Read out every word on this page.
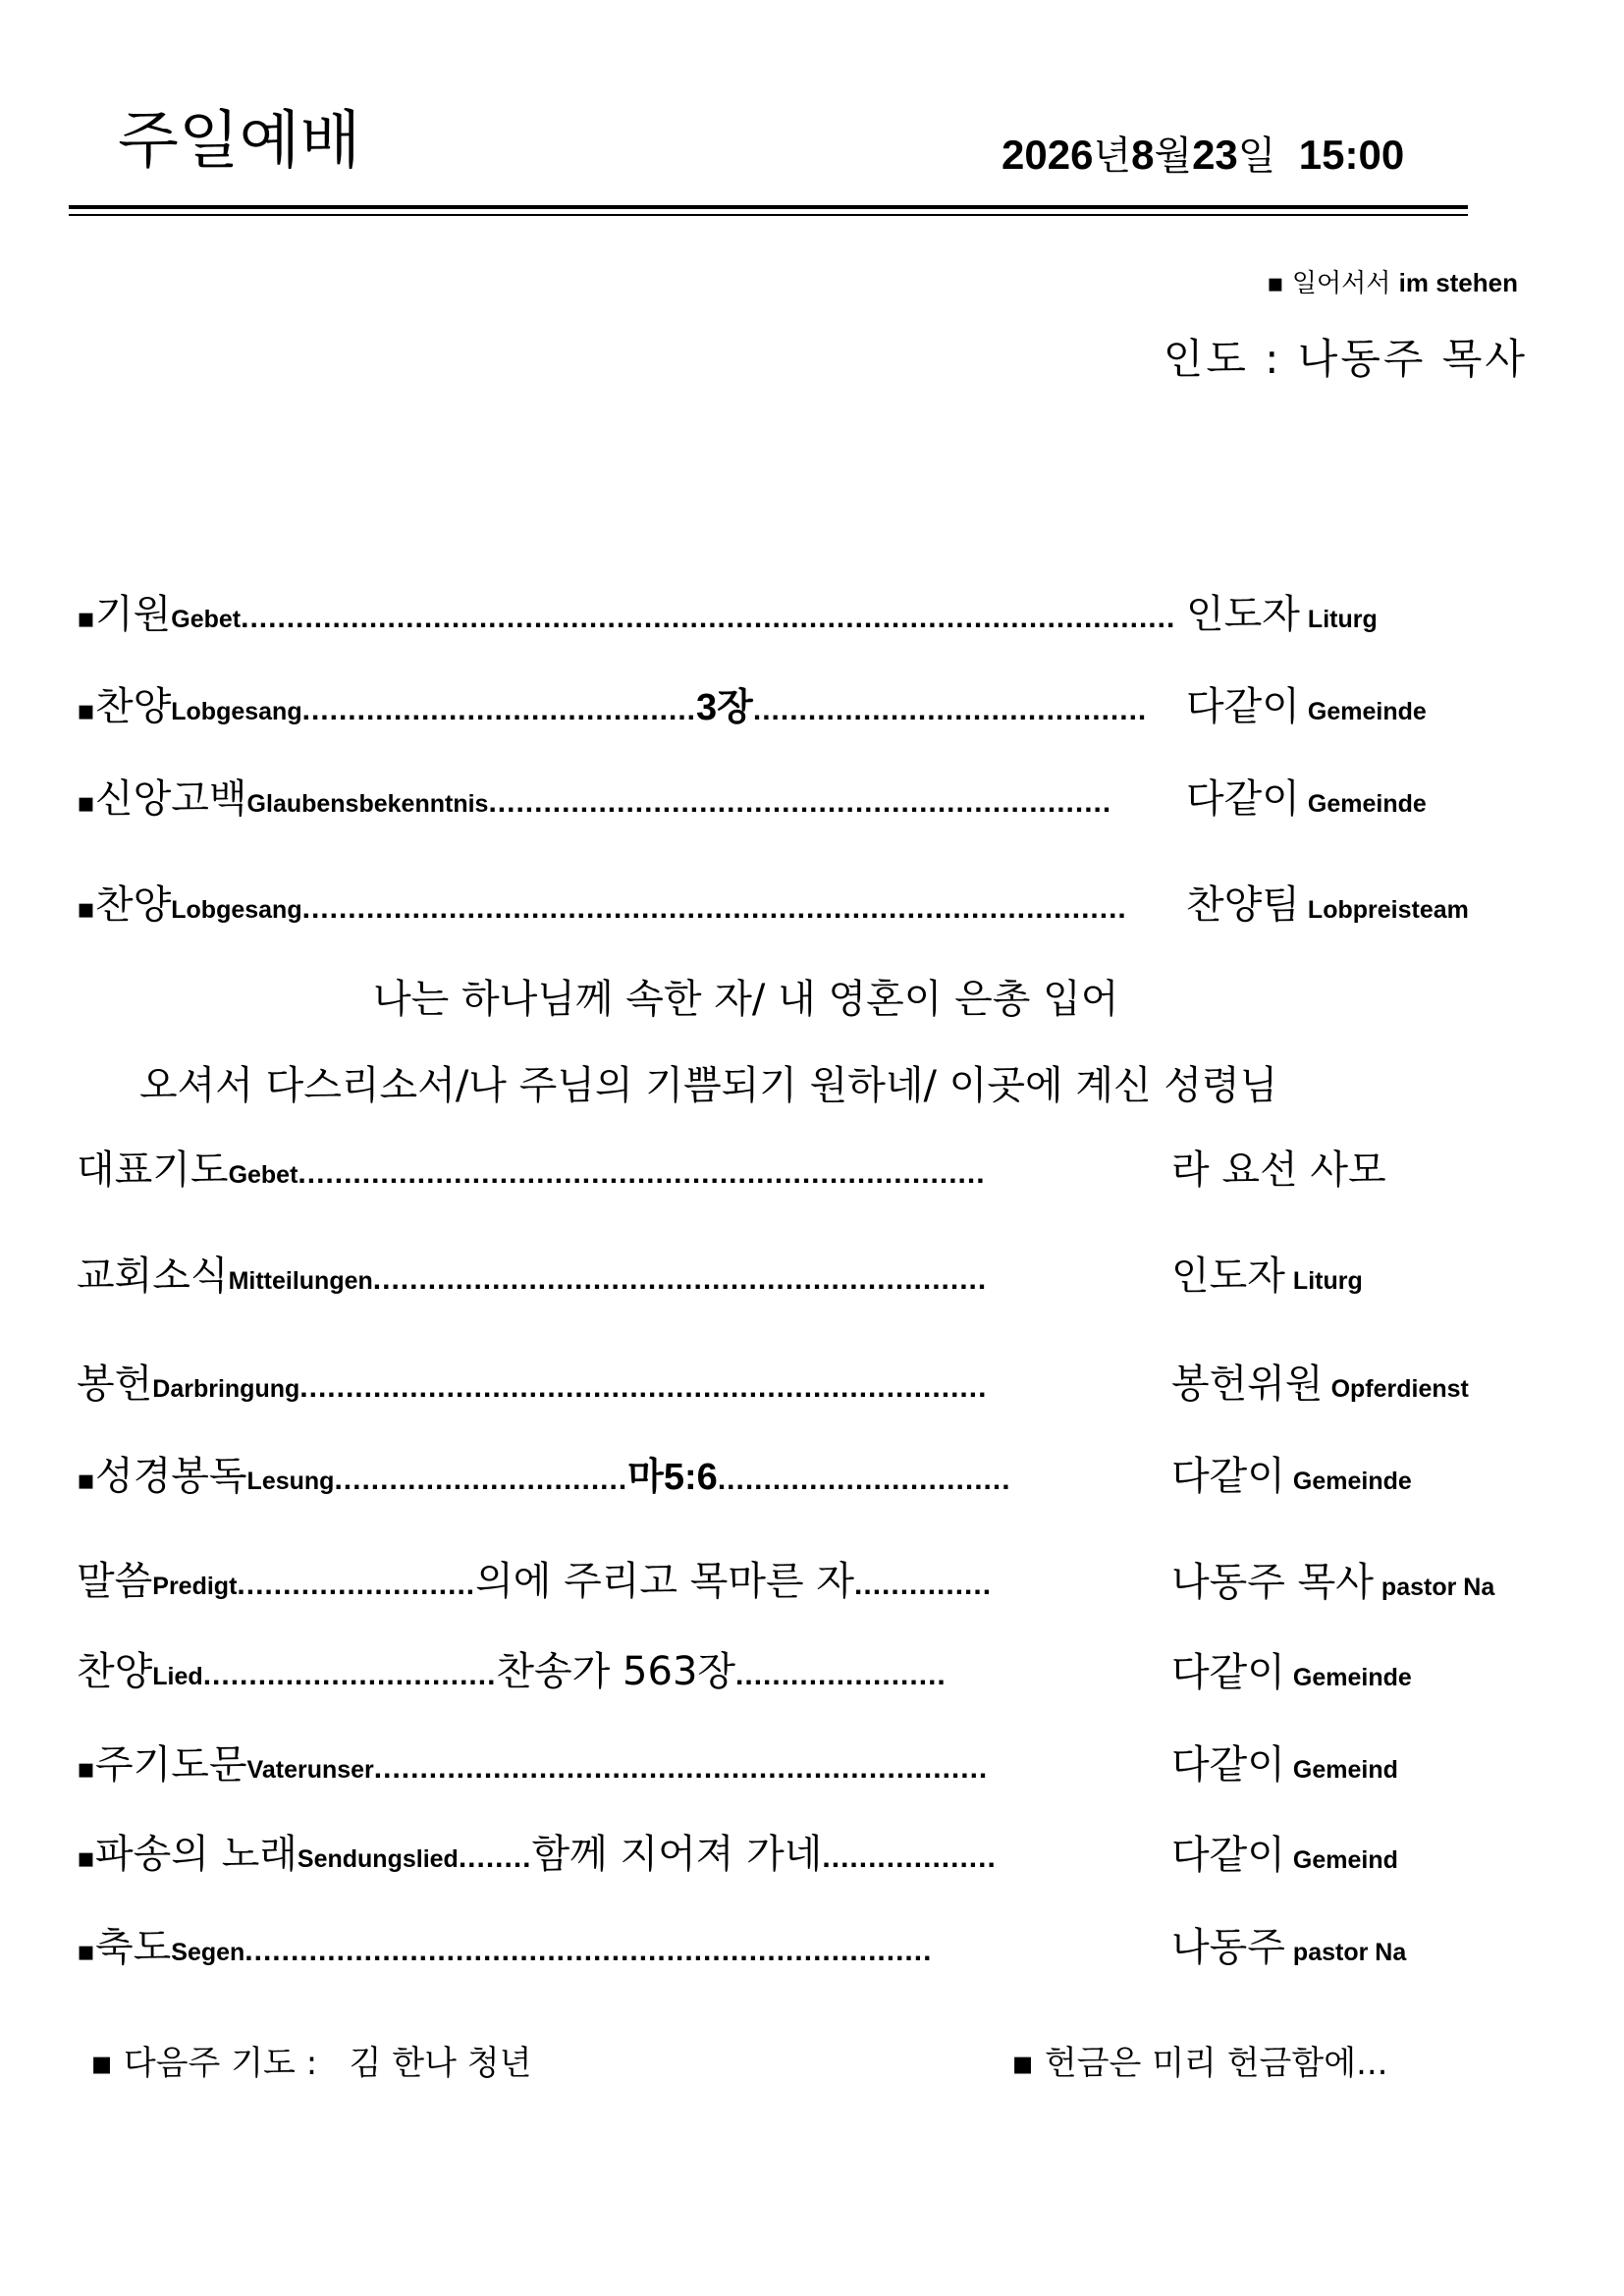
주일예배	2026년8월23일 15:00
▪ 일어서서 im stehen
인도 : 나동주 목사
▪기원Gebet...................................................................................................... 인도자 Liturg
▪찬양Lobgesang...........................................3장........................................... 다같이 Gemeinde
▪신앙고백Glaubensbekenntnis.................................................................... 다같이 Gemeinde
▪찬양Lobgesang.......................................................................................... 찬양팀 Lobpreisteam
나는 하나님께 속한 자/ 내 영혼이 은총 입어
오셔서 다스리소서/나 주님의 기쁨되기 원하네/ 이곳에 계신 성령님
대표기도Gebet...........................................................................	라 요선 사모
교회소식Mitteilungen...................................................................	인도자 Liturg
봉헌Darbringung...........................................................................	봉헌위원 Opferdienst
▪성경봉독Lesung................................마5:6................................	다같이 Gemeinde
말씀Predigt..........................의에 주리고 목마른 자...............	나동주 목사 pastor Na
찬양Lied................................찬송가 563장.......................	다같이 Gemeinde
▪주기도문Vaterunser...................................................................	다같이 Gemeind
▪파송의 노래Sendungslied........함께 지어져 가네...................	다같이 Gemeind
▪축도Segen...........................................................................	나동주 pastor Na
▪ 다음주 기도 : 김 한나 청년	▪ 헌금은 미리 헌금함에...
